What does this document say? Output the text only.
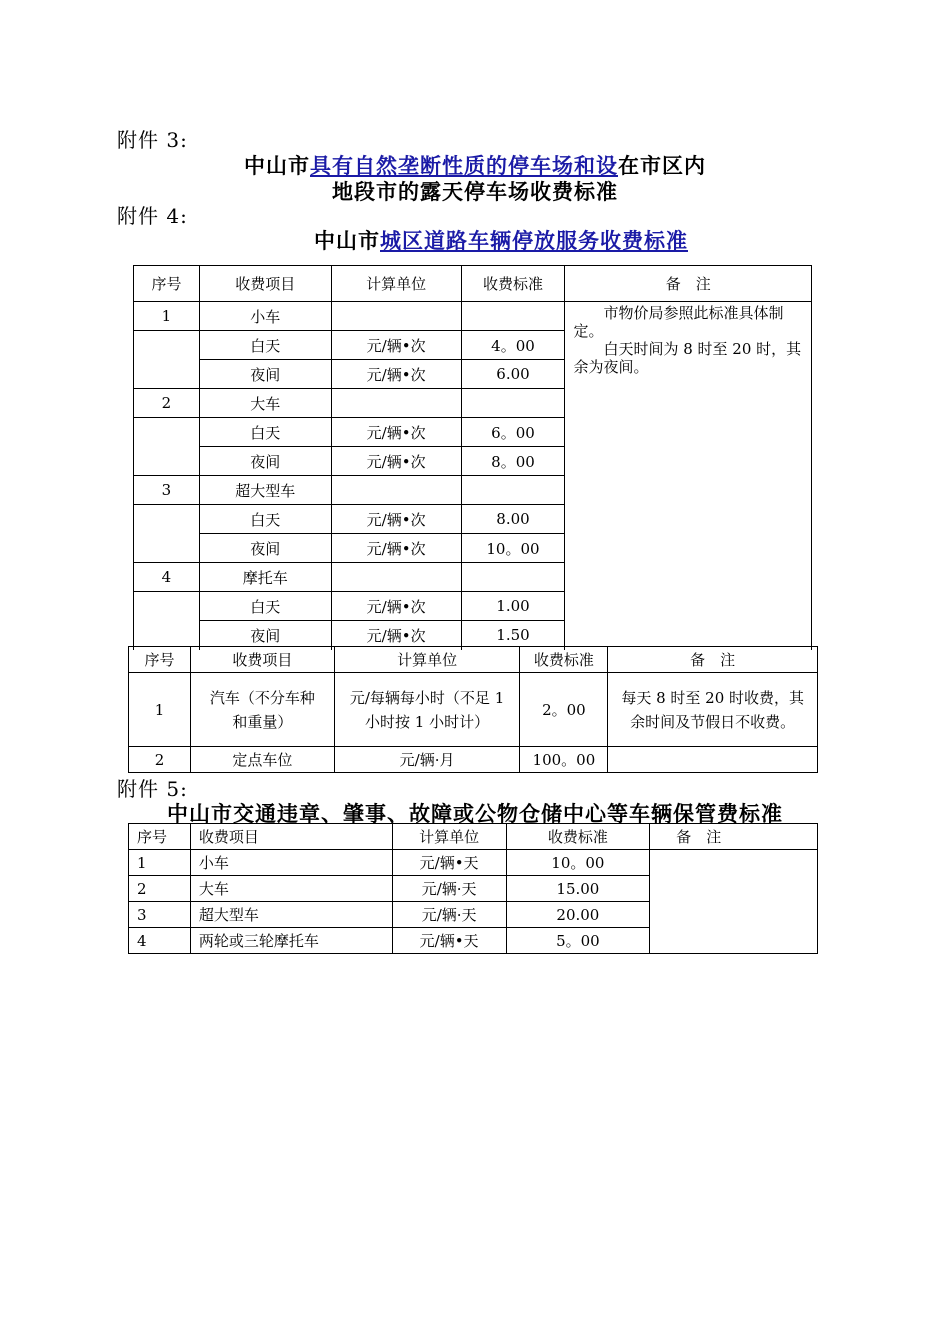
附件 3:
中山市具有自然垄断性质的停车场和设在市区内
地段市的露天停车场收费标准
附件 4:
中山市城区道路车辆停放服务收费标准
序号	收费项目	计算单位	收费标准	备　注
1	小车			市物价局参照此标准具体制定。

白天时间为 8 时至 20 时，其余为夜间。

	白天	元/辆•次	4。00	
	夜间	元/辆•次	6.00	
2	大车			
	白天	元/辆•次	6。00	
	夜间	元/辆•次	8。00	
3	超大型车			
	白天	元/辆•次	8.00	
	夜间	元/辆•次	10。00	
4	摩托车			
	白天	元/辆•次	1.00	
	夜间	元/辆•次	1.50	
序号	收费项目	计算单位	收费标准	备　注
1	汽车（不分车种和重量）	元/每辆每小时（不足 1 小时按 1 小时计）	2。00	每天 8 时至 20 时收费，其余时间及节假日不收费。
2	定点车位	元/辆·月	100。00	
附件 5:
中山市交通违章、肇事、故障或公物仓储中心等车辆保管费标准
序号	收费项目	计算单位	收费标准	备　注
1	小车	元/辆•天	10。00	
2	大车	元/辆·天	15.00	
3	超大型车	元/辆·天	20.00	
4	两轮或三轮摩托车	元/辆•天	5。00	
